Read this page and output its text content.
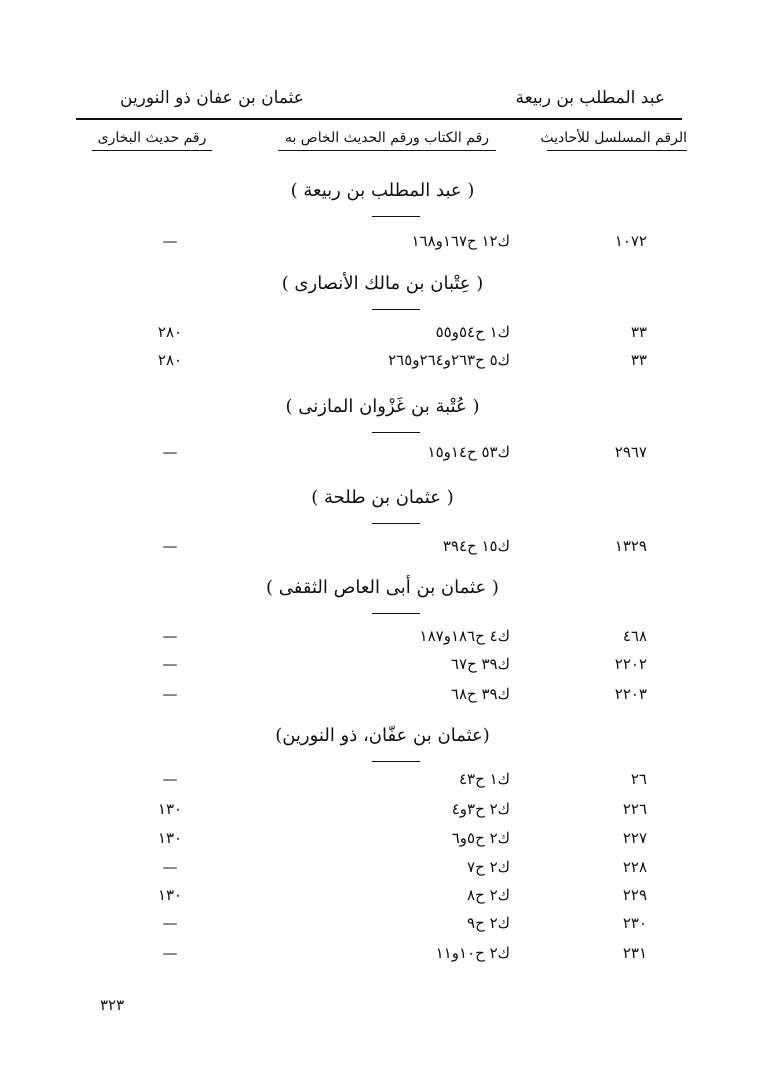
عبد المطلب بن ربيعة
عثمان بن عفان ذو النورين
الرقم المسلسل للأحاديث
رقم الكتاب ورقم الحديث الخاص به
رقم حديث البخارى
( عبد المطلب بن ربيعة )
١٠٧٢
ك١٢ ح١٦٧و١٦٨
—
( عِتْبان بن مالك الأنصارى )
٣٣
ك١ ح٥٤و٥٥
٢٨٠
٣٣
ك٥ ح٢٦٣و٢٦٤و٢٦٥
٢٨٠
( عُتْبة بن غَزْوان المازنى )
٢٩٦٧
ك٥٣ ح١٤و١٥
—
( عثمان بن طلحة )
١٣٢٩
ك١٥ ح٣٩٤
—
( عثمان بن أبى العاص الثقفى )
٤٦٨
ك٤ ح١٨٦و١٨٧
—
٢٢٠٢
ك٣٩ ح٦٧
—
٢٢٠٣
ك٣٩ ح٦٨
—
(عثمان بن عفّان، ذو النورين)
٢٦
ك١ ح٤٣
—
٢٢٦
ك٢ ح٣و٤
١٣٠
٢٢٧
ك٢ ح٥و٦
١٣٠
٢٢٨
ك٢ ح٧
—
٢٢٩
ك٢ ح٨
١٣٠
٢٣٠
ك٢ ح٩
—
٢٣١
ك٢ ح١٠و١١
—
٣٢٣
